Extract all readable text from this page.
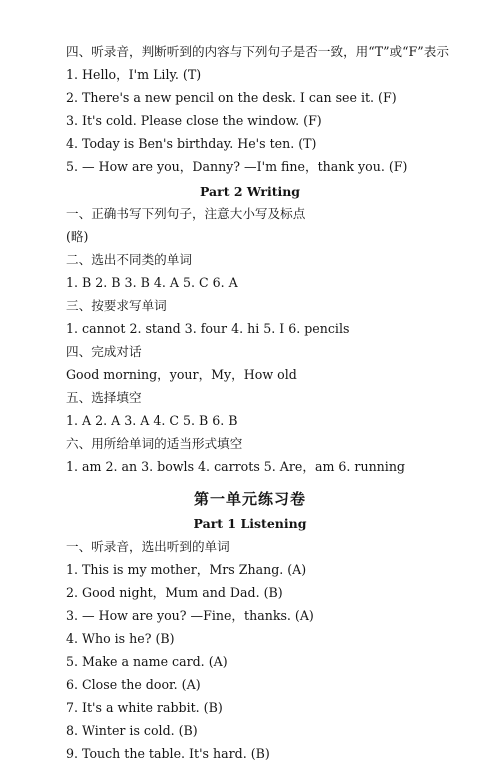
四、听录音，判断听到的内容与下列句子是否一致，用“T”或“F”表示
1. Hello，I'm Lily. (T)
2. There's a new pencil on the desk. I can see it. (F)
3. It's cold. Please close the window. (F)
4. Today is Ben's birthday. He's ten. (T)
5. — How are you，Danny? —I'm fine，thank you. (F)
Part 2 Writing
一、正确书写下列句子，注意大小写及标点
(略)
二、选出不同类的单词
1. B 2. B 3. B 4. A 5. C 6. A
三、按要求写单词
1. cannot 2. stand 3. four 4. hi 5. I 6. pencils
四、完成对话
Good morning，your，My，How old
五、选择填空
1. A 2. A 3. A 4. C 5. B 6. B
六、用所给单词的适当形式填空
1. am 2. an 3. bowls 4. carrots 5. Are，am 6. running
第一单元练习卷
Part 1 Listening
一、听录音，选出听到的单词
1. This is my mother，Mrs Zhang. (A)
2. Good night，Mum and Dad. (B)
3. — How are you? —Fine，thanks. (A)
4. Who is he? (B)
5. Make a name card. (A)
6. Close the door. (A)
7. It's a white rabbit. (B)
8. Winter is cold. (B)
9. Touch the table. It's hard. (B)
